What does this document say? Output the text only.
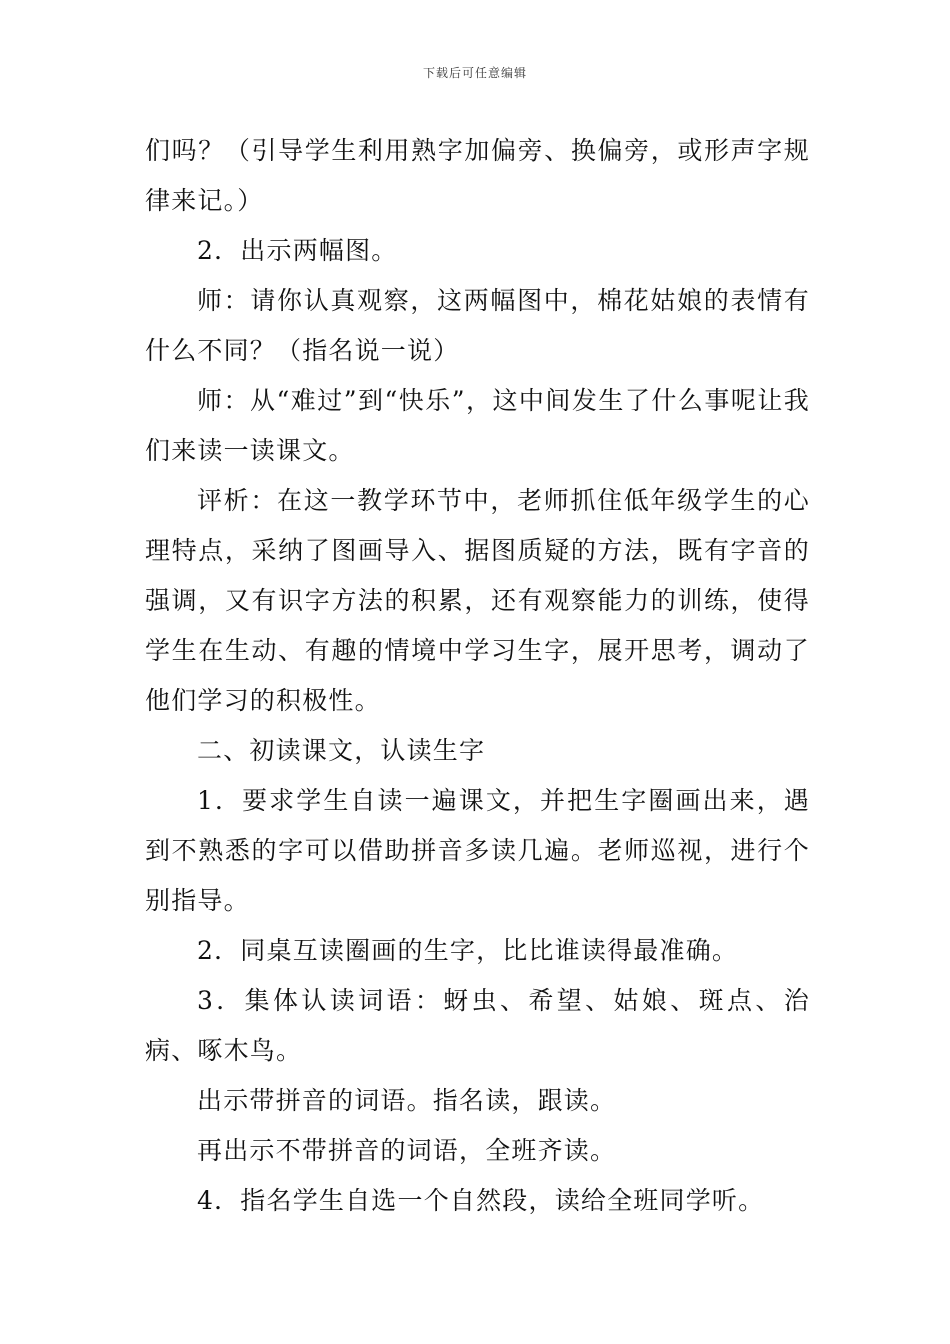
下载后可任意编辑

们吗？（引导学生利用熟字加偏旁、换偏旁，或形声字规律来记。）

2．出示两幅图。

师：请你认真观察，这两幅图中，棉花姑娘的表情有什么不同？（指名说一说）

师：从“难过”到“快乐”，这中间发生了什么事呢让我们来读一读课文。

评析：在这一教学环节中，老师抓住低年级学生的心理特点，采纳了图画导入、据图质疑的方法，既有字音的强调，又有识字方法的积累，还有观察能力的训练，使得学生在生动、有趣的情境中学习生字，展开思考，调动了他们学习的积极性。

二、初读课文，认读生字

1．要求学生自读一遍课文，并把生字圈画出来，遇到不熟悉的字可以借助拼音多读几遍。老师巡视，进行个别指导。

2．同桌互读圈画的生字，比比谁读得最准确。

3．集体认读词语：蚜虫、希望、姑娘、斑点、治病、啄木鸟。

出示带拼音的词语。指名读，跟读。

再出示不带拼音的词语，全班齐读。

4．指名学生自选一个自然段，读给全班同学听。
